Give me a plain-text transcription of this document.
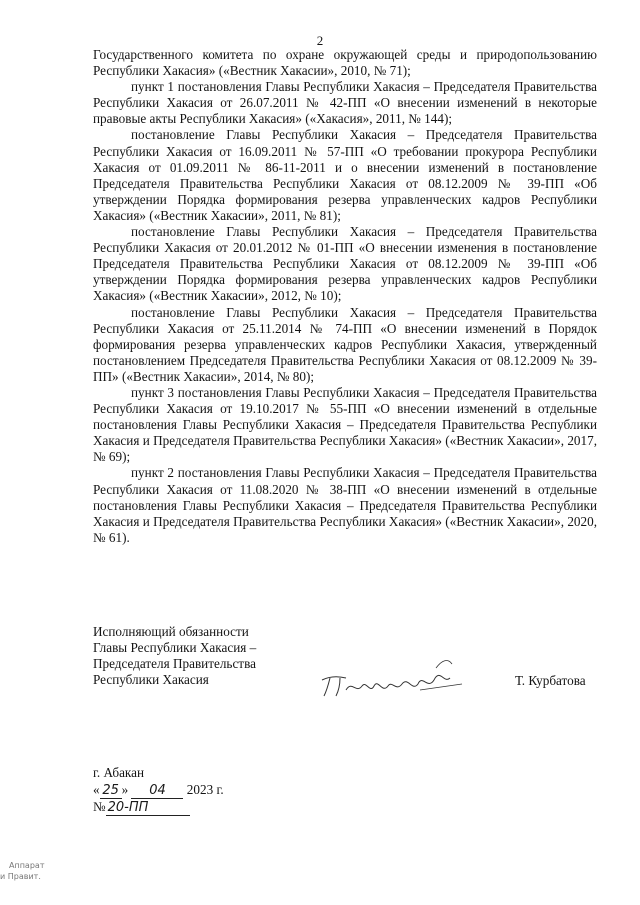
2

Государственного комитета по охране окружающей среды и природопользованию Республики Хакасия» («Вестник Хакасии», 2010, № 71);

пункт 1 постановления Главы Республики Хакасия – Председателя Правительства Республики Хакасия от 26.07.2011 № 42-ПП «О внесении изменений в некоторые правовые акты Республики Хакасия» («Хакасия», 2011, № 144);

постановление Главы Республики Хакасия – Председателя Правительства Республики Хакасия от 16.09.2011 № 57-ПП «О требовании прокурора Республики Хакасия от 01.09.2011 № 86-11-2011 и о внесении изменений в постановление Председателя Правительства Республики Хакасия от 08.12.2009 № 39-ПП «Об утверждении Порядка формирования резерва управленческих кадров Республики Хакасия» («Вестник Хакасии», 2011, № 81);

постановление Главы Республики Хакасия – Председателя Правительства Республики Хакасия от 20.01.2012 № 01-ПП «О внесении изменения в постановление Председателя Правительства Республики Хакасия от 08.12.2009 № 39-ПП «Об утверждении Порядка формирования резерва управленческих кадров Республики Хакасия» («Вестник Хакасии», 2012, № 10);

постановление Главы Республики Хакасия – Председателя Правительства Республики Хакасия от 25.11.2014 № 74-ПП «О внесении изменений в Порядок формирования резерва управленческих кадров Республики Хакасия, утвержденный постановлением Председателя Правительства Республики Хакасия от 08.12.2009 № 39-ПП» («Вестник Хакасии», 2014, № 80);

пункт 3 постановления Главы Республики Хакасия – Председателя Правительства Республики Хакасия от 19.10.2017 № 55-ПП «О внесении изменений в отдельные постановления Главы Республики Хакасия – Председателя Правительства Республики Хакасия и Председателя Правительства Республики Хакасия» («Вестник Хакасии», 2017, № 69);

пункт 2 постановления Главы Республики Хакасия – Председателя Правительства Республики Хакасия от 11.08.2020 № 38-ПП «О внесении изменений в отдельные постановления Главы Республики Хакасия – Председателя Правительства Республики Хакасия и Председателя Правительства Республики Хакасия» («Вестник Хакасии», 2020, № 61).

Исполняющий обязанности
Главы Республики Хакасия –
Председателя Правительства
Республики Хакасия	Т. Курбатова
г. Абакан
« 25 » 04 2023 г.
№ 20-ПП
Аппарат
и Правит.
